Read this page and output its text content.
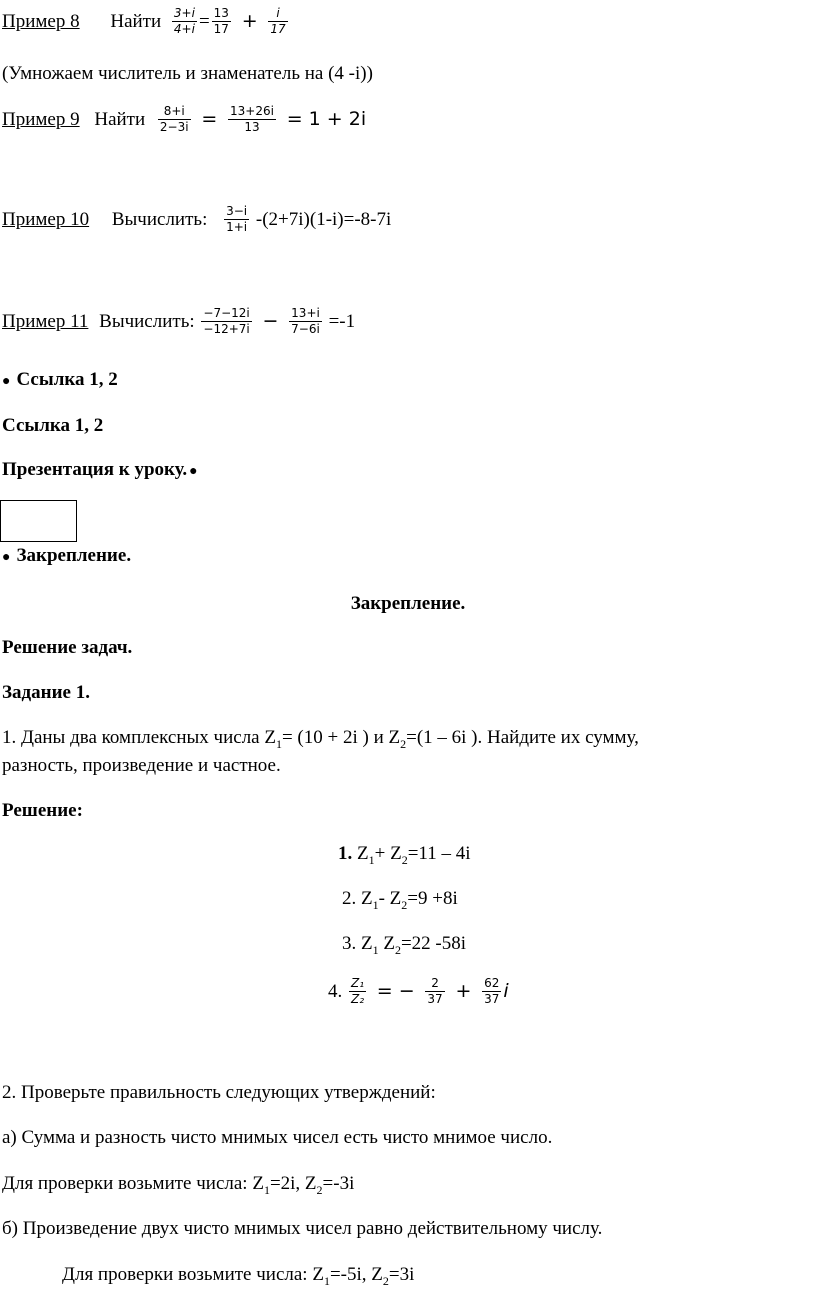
Пример 8 Найти $\frac{3+i}{4+i} = \frac{13}{17} + \frac{i}{17}$
(Умножаем числитель и знаменатель на (4 -i))
Пример 9 Найти $\frac{8+i}{2-3i} = \frac{13+26i}{13} = 1 + 2i$
Пример 10 Вычислить: $\frac{3-i}{1+i} -(2+7i)(1-i)=-8-7i$
Пример 11 Вычислить: $\frac{-7-12i}{-12+7i} - \frac{13+i}{7-6i} =-1$
● Ссылка 1, 2
Ссылка 1, 2
Презентация к уроку. ●
● Закрепление.
Закрепление.
Решение задач.
Задание 1.
1. Даны два комплексных числа $Z_1= (10 + 2i$ ) и $Z_2=(1 - 6i$ ). Найдите их сумму,
разность, произведение и частное.
Решение:
1. $Z_1+ Z_2=11 - 4i$
2. $Z_1-$ $Z_2=9 +8i$
3. $Z_1$ $Z_2=22$ -58i
4. $\frac{\text{Z₁}}{\text{Z₂}}$ = − $\frac{2}{37} + \frac{62}{37}$ i
2. Проверьте правильность следующих утверждений:
а) Сумма и разность чисто мнимых чисел есть чисто мнимое число.
Для проверки возьмите числа: $Z_1=2i$, $Z_2=-3i$
б) Произведение двух чисто мнимых чисел равно действительному числу.
Для проверки возьмите числа: $Z_1=-5i$, $Z_2=3i$
